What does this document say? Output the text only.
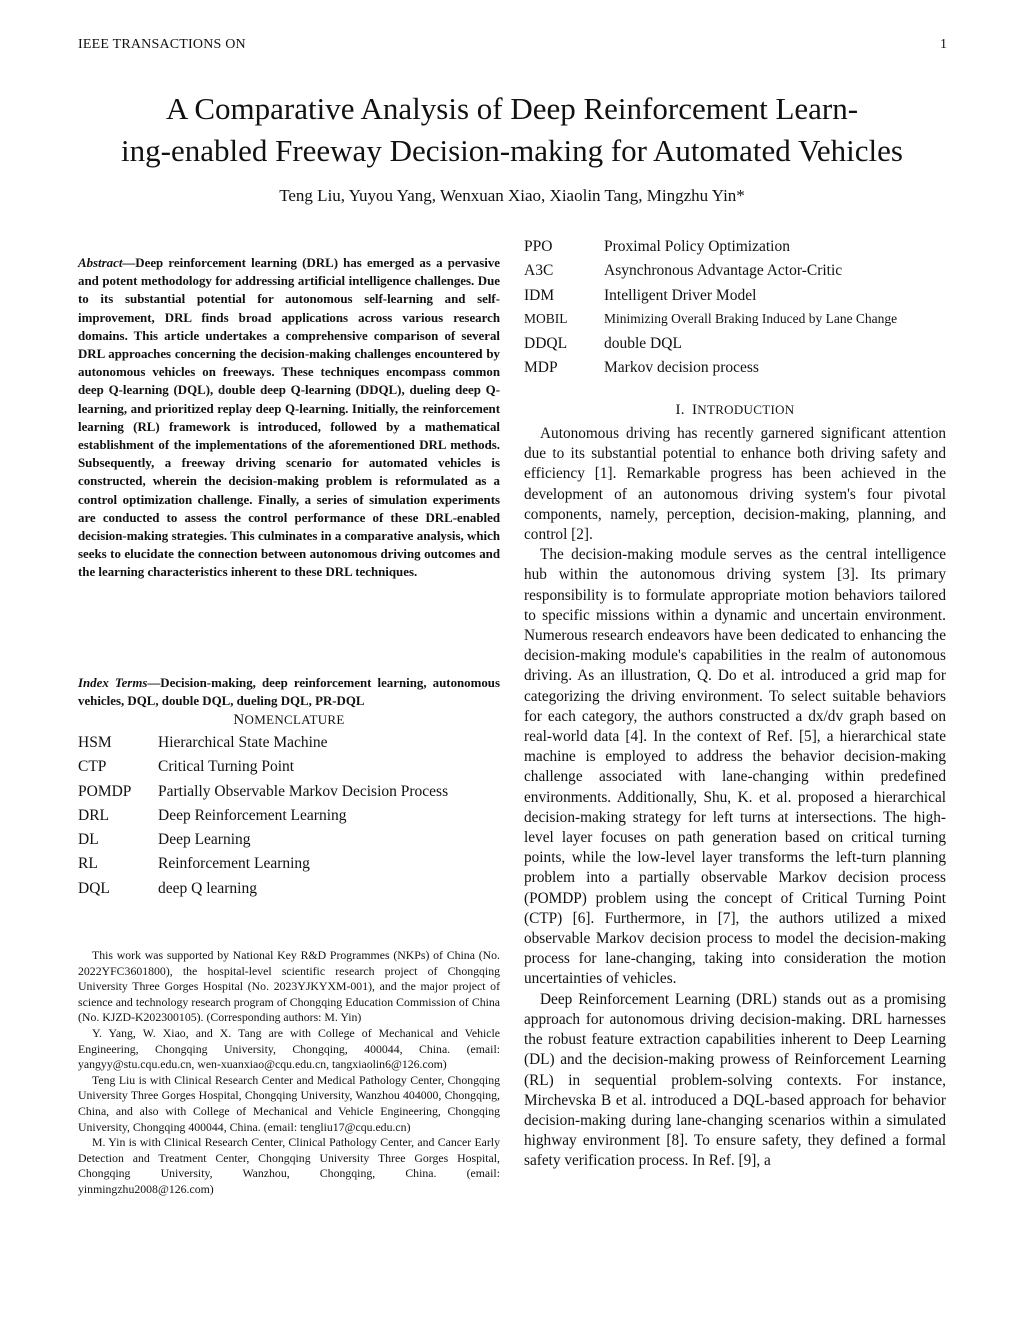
IEEE TRANSACTIONS ON	1
A Comparative Analysis of Deep Reinforcement Learn-
ing-enabled Freeway Decision-making for Automated Vehicles
Teng Liu, Yuyou Yang, Wenxuan Xiao, Xiaolin Tang, Mingzhu Yin*
Abstract—Deep reinforcement learning (DRL) has emerged as a pervasive and potent methodology for addressing artificial intelligence challenges. Due to its substantial potential for autonomous self-learning and self-improvement, DRL finds broad applications across various research domains. This article undertakes a comprehensive comparison of several DRL approaches concerning the decision-making challenges encountered by autonomous vehicles on freeways. These techniques encompass common deep Q-learning (DQL), double deep Q-learning (DDQL), dueling deep Q-learning, and prioritized replay deep Q-learning. Initially, the reinforcement learning (RL) framework is introduced, followed by a mathematical establishment of the implementations of the aforementioned DRL methods. Subsequently, a freeway driving scenario for automated vehicles is constructed, wherein the decision-making problem is reformulated as a control optimization challenge. Finally, a series of simulation experiments are conducted to assess the control performance of these DRL-enabled decision-making strategies. This culminates in a comparative analysis, which seeks to elucidate the connection between autonomous driving outcomes and the learning characteristics inherent to these DRL techniques.
Index Terms—Decision-making, deep reinforcement learning, autonomous vehicles, DQL, double DQL, dueling DQL, PR-DQL
NOMENCLATURE
HSM	Hierarchical State Machine
CTP	Critical Turning Point
POMDP	Partially Observable Markov Decision Process
DRL	Deep Reinforcement Learning
DL	Deep Learning
RL	Reinforcement Learning
DQL	deep Q learning
PPO	Proximal Policy Optimization
A3C	Asynchronous Advantage Actor-Critic
IDM	Intelligent Driver Model
MOBIL	Minimizing Overall Braking Induced by Lane Change
DDQL	double DQL
MDP	Markov decision process

This work was supported by National Key R&D Programmes (NKPs) of China (No. 2022YFC3601800), the hospital-level scientific research project of Chongqing University Three Gorges Hospital (No. 2023YJKYXM-001), and the major project of science and technology research program of Chongqing Education Commission of China (No. KJZD-K202300105). (Corresponding authors: M. Yin)

Y. Yang, W. Xiao, and X. Tang are with College of Mechanical and Vehicle Engineering, Chongqing University, Chongqing, 400044, China. (email: yangyy@stu.cqu.edu.cn, wen-xuanxiao@cqu.edu.cn, tangxiaolin6@126.com)

Teng Liu is with Clinical Research Center and Medical Pathology Center, Chongqing University Three Gorges Hospital, Chongqing University, Wanzhou 404000, Chongqing, China, and also with College of Mechanical and Vehicle Engineering, Chongqing University, Chongqing 400044, China. (email: tengliu17@cqu.edu.cn)

M. Yin is with Clinical Research Center, Clinical Pathology Center, and Cancer Early Detection and Treatment Center, Chongqing University Three Gorges Hospital, Chongqing University, Wanzhou, Chongqing, China. (email: yinmingzhu2008@126.com)

I. INTRODUCTION

Autonomous driving has recently garnered significant attention due to its substantial potential to enhance both driving safety and efficiency [1]. Remarkable progress has been achieved in the development of an autonomous driving system's four pivotal components, namely, perception, decision-making, planning, and control [2].

The decision-making module serves as the central intelligence hub within the autonomous driving system [3]. Its primary responsibility is to formulate appropriate motion behaviors tailored to specific missions within a dynamic and uncertain environment. Numerous research endeavors have been dedicated to enhancing the decision-making module's capabilities in the realm of autonomous driving. As an illustration, Q. Do et al. introduced a grid map for categorizing the driving environment. To select suitable behaviors for each category, the authors constructed a dx/dv graph based on real-world data [4]. In the context of Ref. [5], a hierarchical state machine is employed to address the behavior decision-making challenge associated with lane-changing within predefined environments. Additionally, Shu, K. et al. proposed a hierarchical decision-making strategy for left turns at intersections. The high-level layer focuses on path generation based on critical turning points, while the low-level layer transforms the left-turn planning problem into a partially observable Markov decision process (POMDP) problem using the concept of Critical Turning Point (CTP) [6]. Furthermore, in [7], the authors utilized a mixed observable Markov decision process to model the decision-making process for lane-changing, taking into consideration the motion uncertainties of vehicles.

Deep Reinforcement Learning (DRL) stands out as a promising approach for autonomous driving decision-making. DRL harnesses the robust feature extraction capabilities inherent to Deep Learning (DL) and the decision-making prowess of Reinforcement Learning (RL) in sequential problem-solving contexts. For instance, Mirchevska B et al. introduced a DQL-based approach for behavior decision-making during lane-changing scenarios within a simulated highway environment [8]. To ensure safety, they defined a formal safety verification process. In Ref. [9], a
